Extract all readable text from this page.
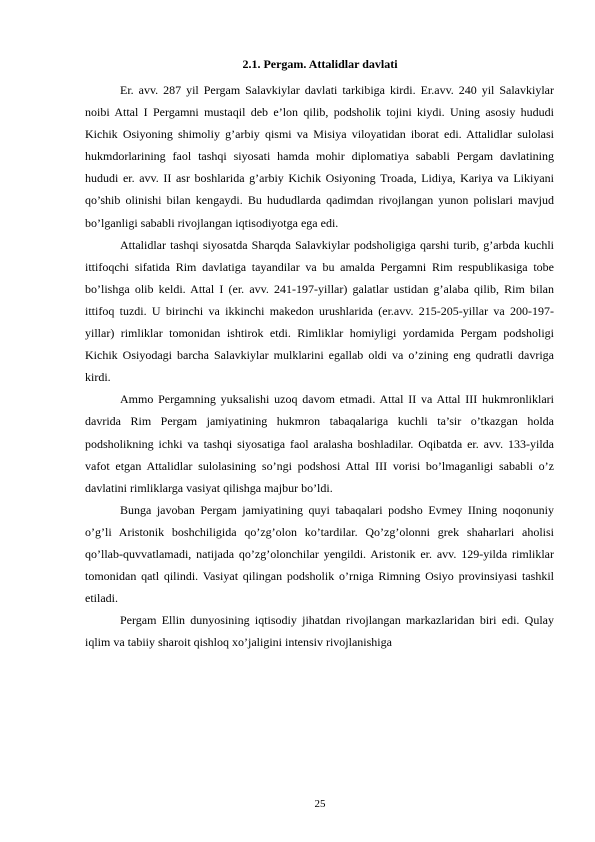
2.1. Pergam. Attalidlar davlati

Er. avv. 287 yil Pergam Salavkiylar davlati tarkibiga kirdi. Er.avv. 240 yil Salavkiylar noibi Attal I Pergamni mustaqil deb e’lon qilib, podsholik tojini kiydi. Uning asosiy hududi Kichik Osiyoning shimoliy g’arbiy qismi va Misiya viloyatidan iborat edi. Attalidlar sulolasi hukmdorlarining faol tashqi siyosati hamda mohir diplomatiya sababli Pergam davlatining hududi er. avv. II asr boshlarida g’arbiy Kichik Osiyoning Troada, Lidiya, Kariya va Likiyani qo’shib olinishi bilan kengaydi. Bu hududlarda qadimdan rivojlangan yunon polislari mavjud bo’lganligi sababli rivojlangan iqtisodiyotga ega edi.

Attalidlar tashqi siyosatda Sharqda Salavkiylar podsholigiga qarshi turib, g’arbda kuchli ittifoqchi sifatida Rim davlatiga tayandilar va bu amalda Pergamni Rim respublikasiga tobe bo’lishga olib keldi. Attal I (er. avv. 241-197-yillar) galatlar ustidan g’alaba qilib, Rim bilan ittifoq tuzdi. U birinchi va ikkinchi makedon urushlarida (er.avv. 215-205-yillar va 200-197-yillar) rimliklar tomonidan ishtirok etdi. Rimliklar homiyligi yordamida Pergam podsholigi Kichik Osiyodagi barcha Salavkiylar mulklarini egallab oldi va o’zining eng qudratli davriga kirdi.

Ammo Pergamning yuksalishi uzoq davom etmadi. Attal II va Attal III hukmronliklari davrida Rim Pergam jamiyatining hukmron tabaqalariga kuchli ta’sir o’tkazgan holda podsholikning ichki va tashqi siyosatiga faol aralasha boshladilar. Oqibatda er. avv. 133-yilda vafot etgan Attalidlar sulolasining so’ngi podshosi Attal III vorisi bo’lmaganligi sababli o’z davlatini rimliklarga vasiyat qilishga majbur bo’ldi.

Bunga javoban Pergam jamiyatining quyi tabaqalari podsho Evmey IIning noqonuniy o’g’li Aristonik boshchiligida qo’zg’olon ko’tardilar. Qo’zg’olonni grek shaharlari aholisi qo’llab-quvvatlamadi, natijada qo’zg’olonchilar yengildi. Aristonik er. avv. 129-yilda rimliklar tomonidan qatl qilindi. Vasiyat qilingan podsholik o’rniga Rimning Osiyo provinsiyasi tashkil etiladi.

Pergam Ellin dunyosining iqtisodiy jihatdan rivojlangan markazlaridan biri edi. Qulay iqlim va tabiiy sharoit qishloq xo’jaligini intensiv rivojlanishiga

25
